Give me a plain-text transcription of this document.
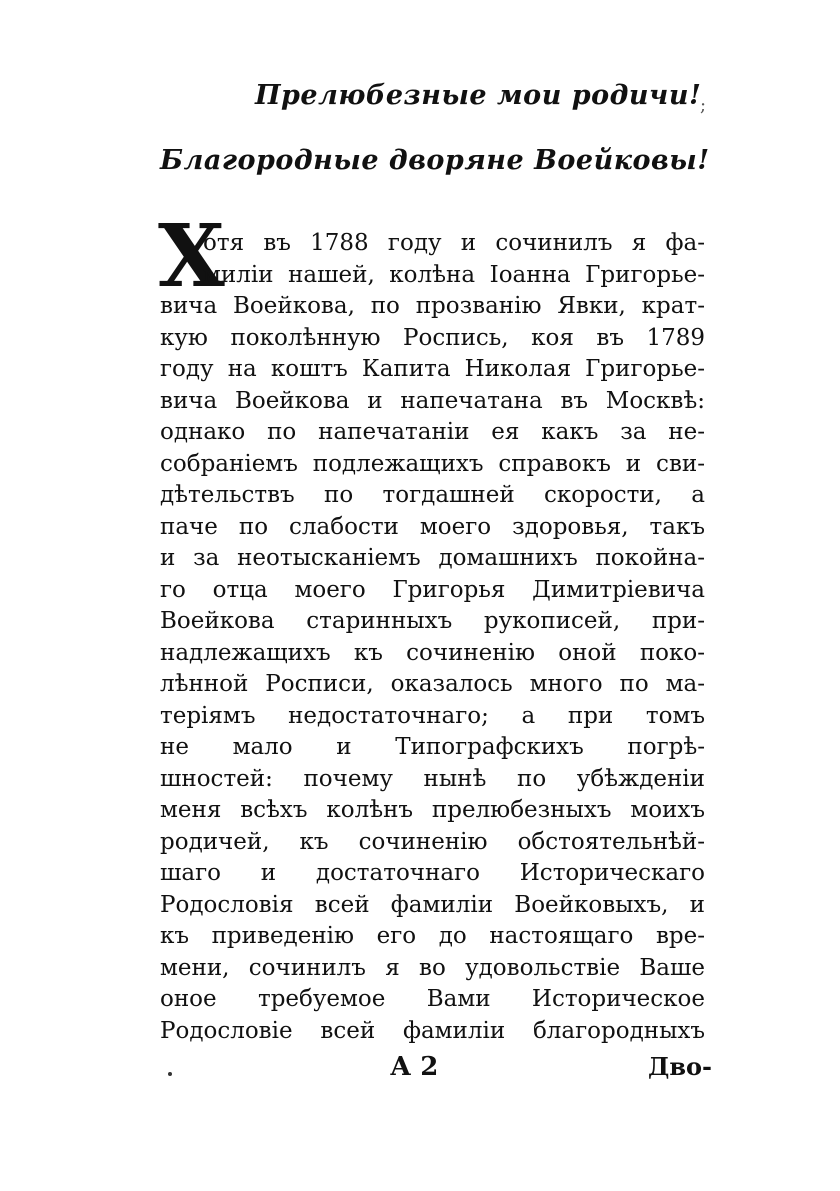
Прелюбезные мои родичи!
;
Благородные дворяне Воейковы!
Х
отя въ 1788 году и сочинилъ я фа-
миліи нашей, колѣна Іоанна Григорье-
вича Воейкова, по прозванію Явки, крат-
кую поколѣнную Роспись, коя въ 1789
году на коштъ Капита Николая Григорье-
вича Воейкова и напечатана въ Москвѣ:
однако по напечатаніи ея какъ за не-
собраніемъ подлежащихъ справокъ и сви-
дѣтельствъ по тогдашней скорости, а
паче по слабости моего здоровья, такъ
и за неотысканіемъ домашнихъ покойна-
го отца моего Григорья Димитріевича
Воейкова старинныхъ рукописей, при-
надлежащихъ къ сочиненію оной поко-
лѣнной Росписи, оказалось много по ма-
теріямъ недостаточнаго; а при томъ
не мало и Типографскихъ погрѣ-
шностей: почему нынѣ по убѣжденіи
меня всѣхъ колѣнъ прелюбезныхъ моихъ
родичей, къ сочиненію обстоятельнѣй-
шаго и достаточнаго Историческаго
Родословія всей фамиліи Воейковыхъ, и
къ приведенію его до настоящаго вре-
мени, сочинилъ я во удовольствіе Ваше
оное требуемое Вами Историческое
Родословіе всей фамиліи благородныхъ
А 2	Дво-
